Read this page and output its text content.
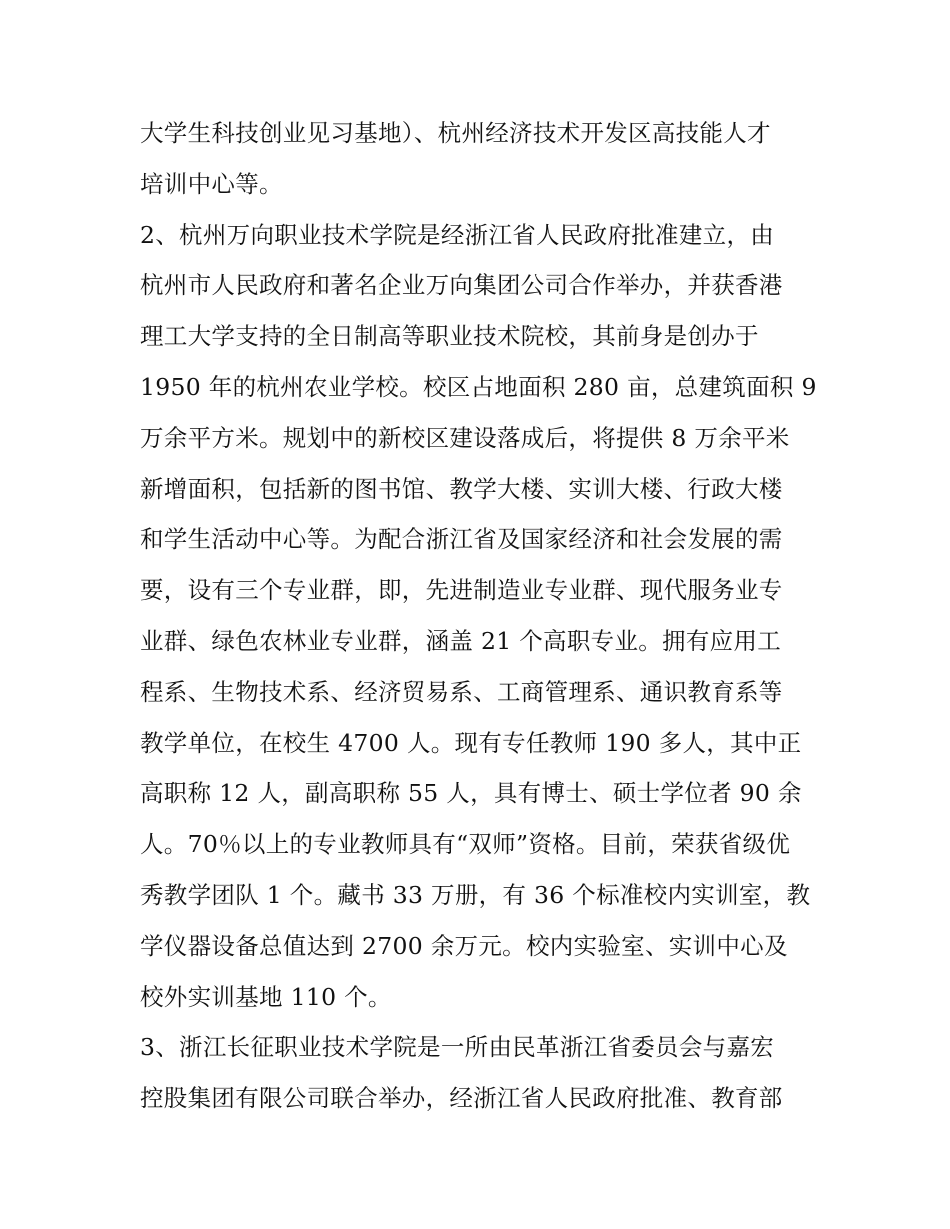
大学生科技创业见习基地）、杭州经济技术开发区高技能人才
培训中心等。
2、杭州万向职业技术学院是经浙江省人民政府批准建立，由
杭州市人民政府和著名企业万向集团公司合作举办，并获香港
理工大学支持的全日制高等职业技术院校，其前身是创办于
1950 年的杭州农业学校。校区占地面积 280 亩，总建筑面积 9
万余平方米。规划中的新校区建设落成后，将提供 8 万余平米
新增面积，包括新的图书馆、教学大楼、实训大楼、行政大楼
和学生活动中心等。为配合浙江省及国家经济和社会发展的需
要，设有三个专业群，即，先进制造业专业群、现代服务业专
业群、绿色农林业专业群，涵盖 21 个高职专业。拥有应用工
程系、生物技术系、经济贸易系、工商管理系、通识教育系等
教学单位，在校生 4700 人。现有专任教师 190 多人，其中正
高职称 12 人，副高职称 55 人，具有博士、硕士学位者 90 余
人。70％以上的专业教师具有“双师”资格。目前，荣获省级优
秀教学团队 1 个。藏书 33 万册，有 36 个标准校内实训室，教
学仪器设备总值达到 2700 余万元。校内实验室、实训中心及
校外实训基地 110 个。
3、浙江长征职业技术学院是一所由民革浙江省委员会与嘉宏
控股集团有限公司联合举办，经浙江省人民政府批准、教育部
